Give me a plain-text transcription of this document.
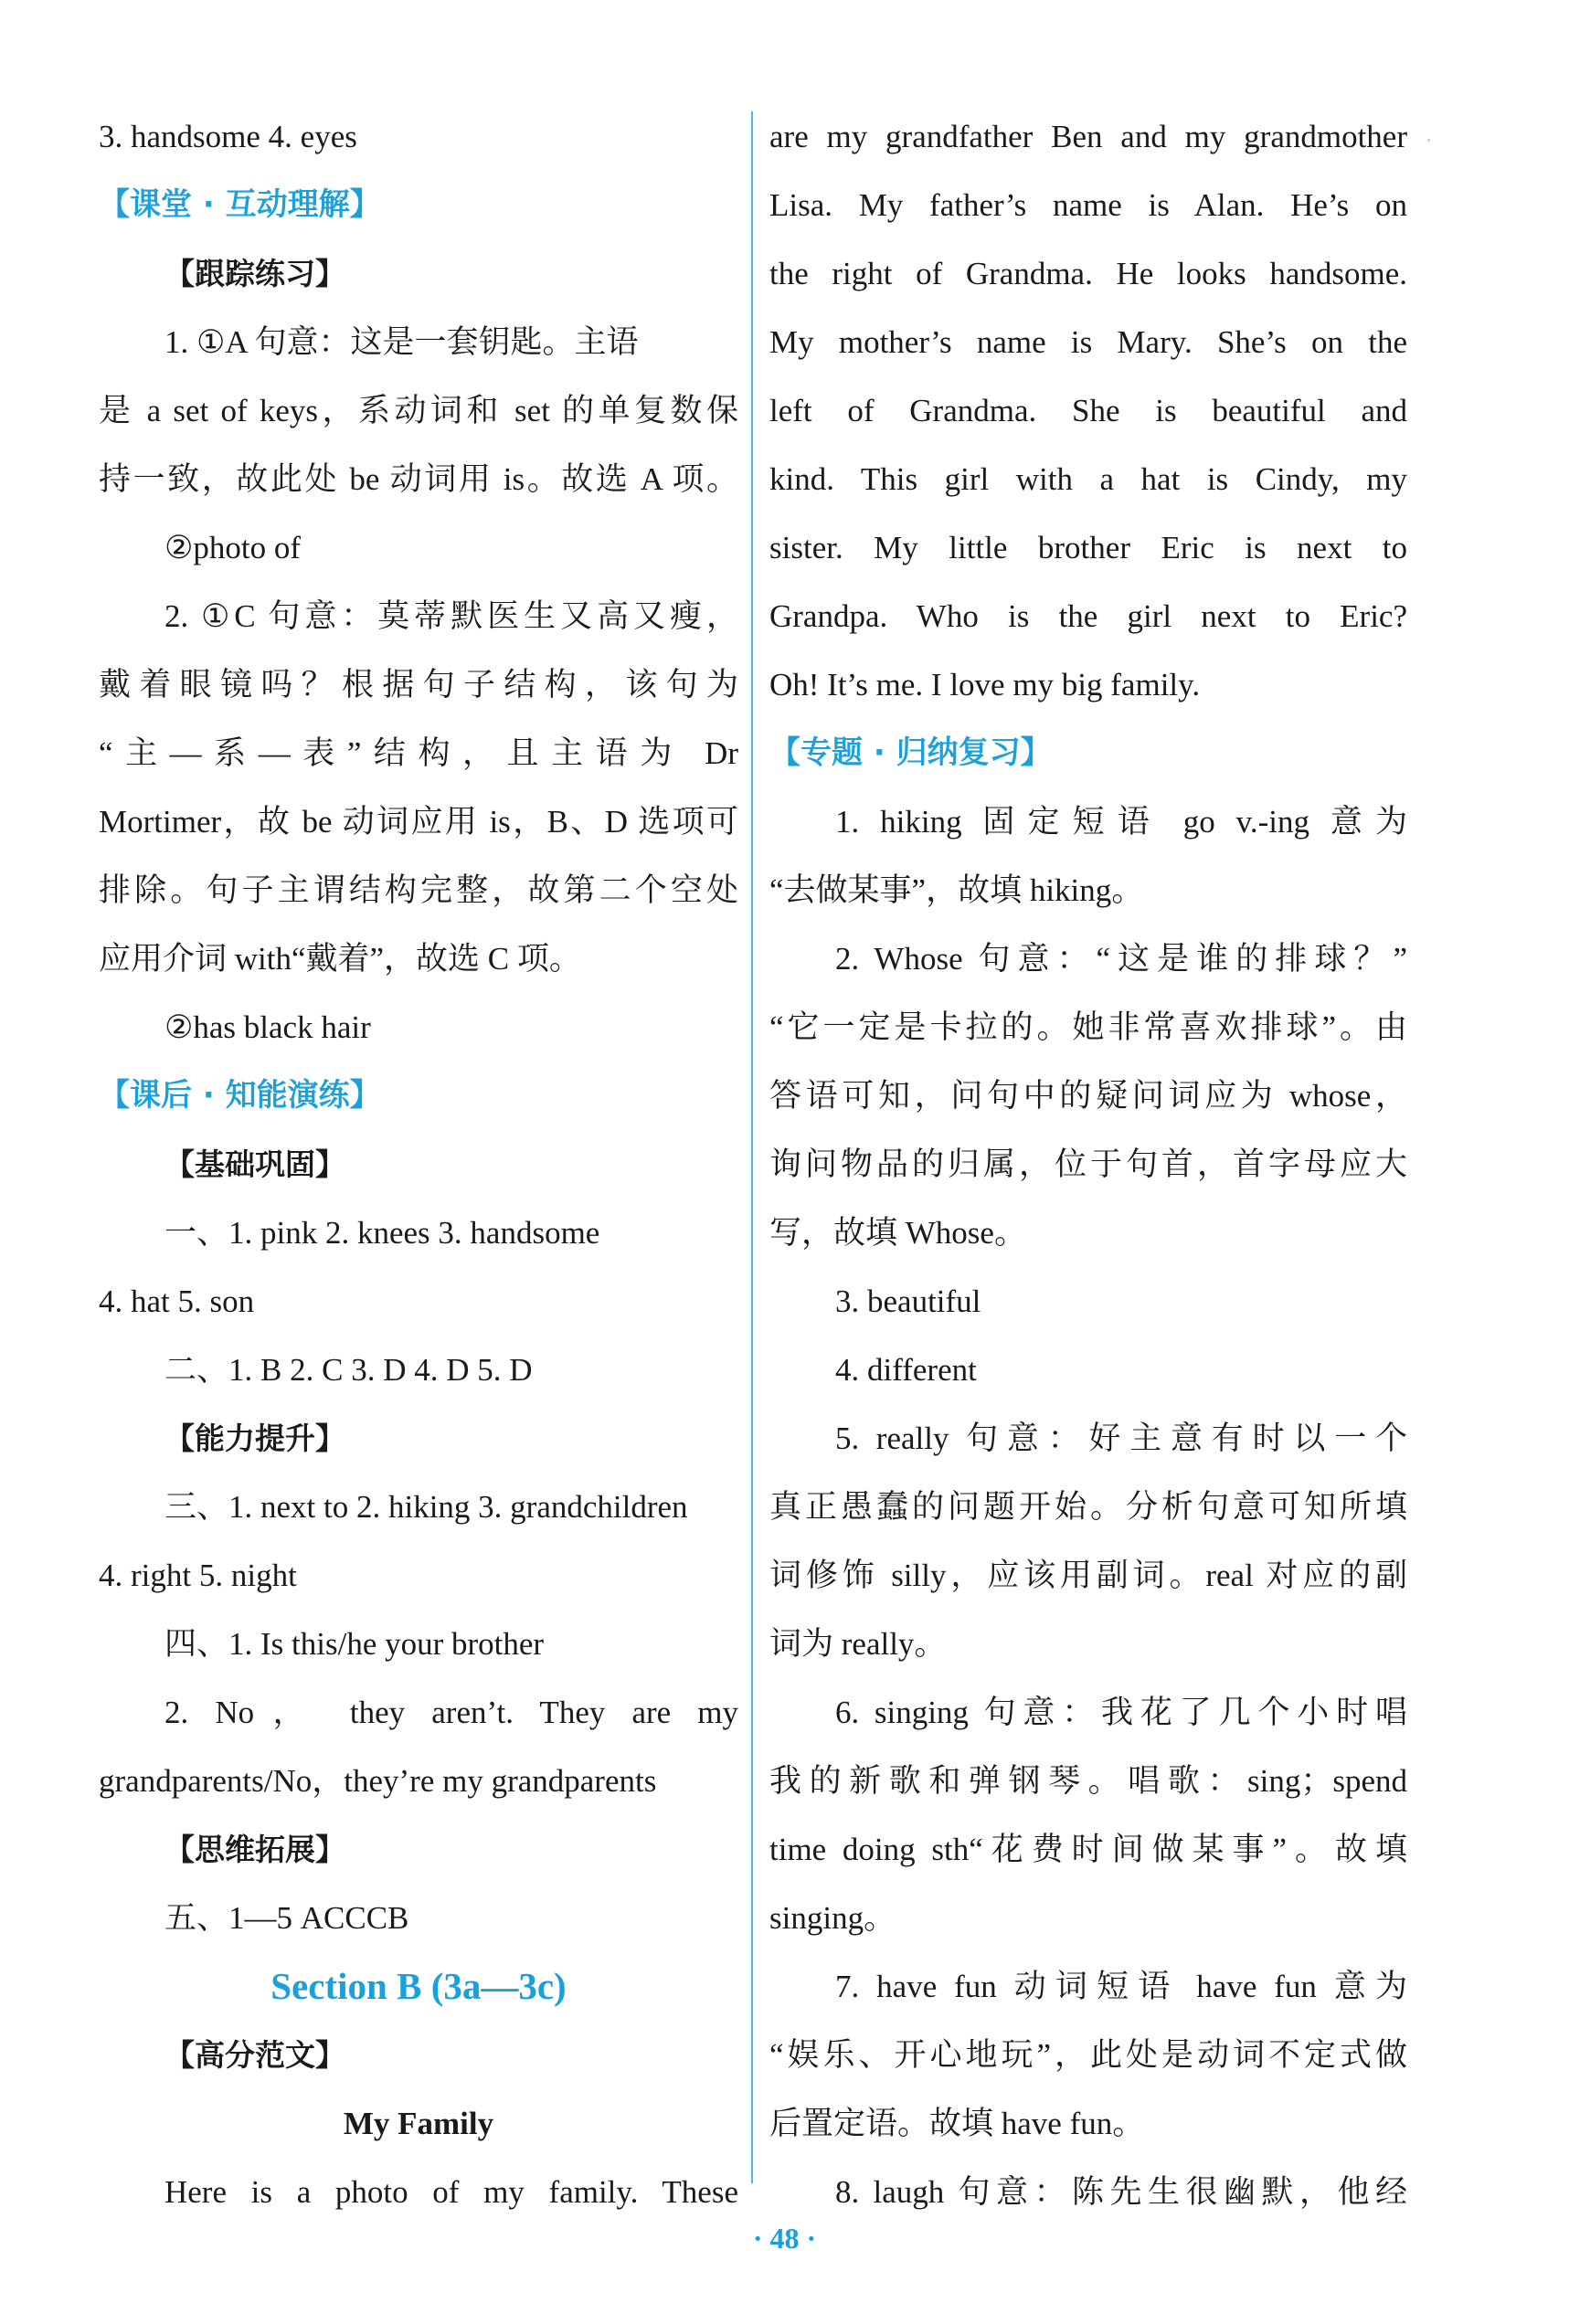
3. handsome 4. eyes
【课堂 · 互动理解】
【跟踪练习】
1. ①A 句意：这是一套钥匙。主语
是 a set of keys，系动词和 set 的单复数保
持一致，故此处 be 动词用 is。故选 A 项。
②photo of
2. ①C 句意：莫蒂默医生又高又瘦，
戴着眼镜吗？根据句子结构，该句为
“主—系—表”结构，且主语为 Dr
Mortimer，故 be 动词应用 is，B、D 选项可
排除。句子主谓结构完整，故第二个空处
应用介词 with“戴着”，故选 C 项。
②has black hair
【课后 · 知能演练】
【基础巩固】
一、1. pink 2. knees 3. handsome
4. hat 5. son
二、1. B 2. C 3. D 4. D 5. D
【能力提升】
三、1. next to 2. hiking 3. grandchildren
4. right 5. night
四、1. Is this/he your brother
2. No， they aren’t. They are my
grandparents/No，they’re my grandparents
【思维拓展】
五、1—5 ACCCB
Section B (3a—3c)
【高分范文】
My Family
Here is a photo of my family. These
are my grandfather Ben and my grandmother
Lisa. My father’s name is Alan. He’s on
the right of Grandma. He looks handsome.
My mother’s name is Mary. She’s on the
left of Grandma. She is beautiful and
kind. This girl with a hat is Cindy, my
sister. My little brother Eric is next to
Grandpa. Who is the girl next to Eric?
Oh! It’s me. I love my big family.
【专题 · 归纳复习】
1. hiking 固定短语 go v.-ing 意为
“去做某事”，故填 hiking。
2. Whose 句意：“这是谁的排球？”
“它一定是卡拉的。她非常喜欢排球”。由
答语可知，问句中的疑问词应为 whose，
询问物品的归属，位于句首，首字母应大
写，故填 Whose。
3. beautiful
4. different
5. really 句意：好主意有时以一个
真正愚蠢的问题开始。分析句意可知所填
词修饰 silly，应该用副词。real 对应的副
词为 really。
6. singing 句意：我花了几个小时唱
我的新歌和弹钢琴。唱歌：sing；spend
time doing sth“花费时间做某事”。故填
singing。
7. have fun 动词短语 have fun 意为
“娱乐、开心地玩”，此处是动词不定式做
后置定语。故填 have fun。
8. laugh 句意：陈先生很幽默，他经
· 48 ·
